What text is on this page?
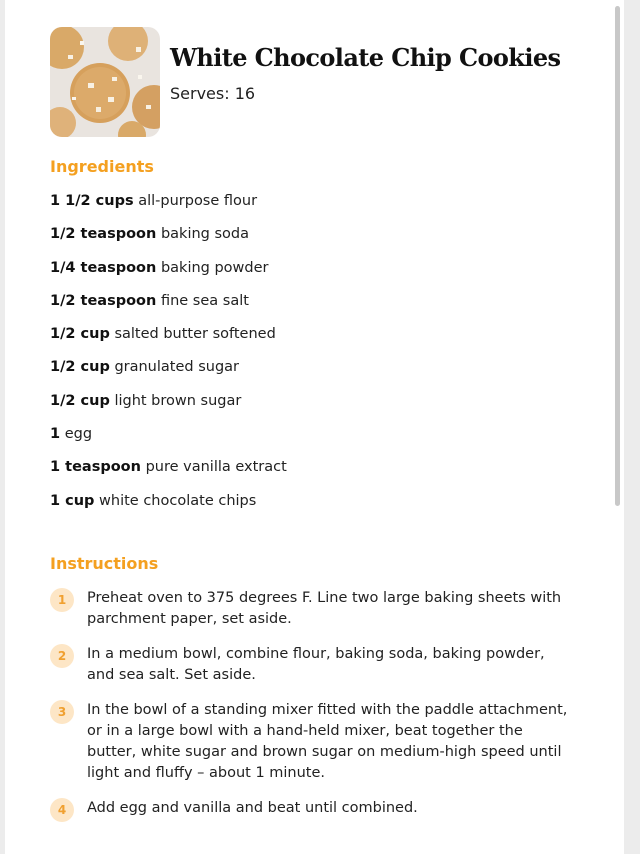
White Chocolate Chip Cookies
Serves: 16
Ingredients
1 1/2 cups all-purpose flour
1/2 teaspoon baking soda
1/4 teaspoon baking powder
1/2 teaspoon fine sea salt
1/2 cup salted butter softened
1/2 cup granulated sugar
1/2 cup light brown sugar
1 egg
1 teaspoon pure vanilla extract
1 cup white chocolate chips
Instructions
1	Preheat oven to 375 degrees F. Line two large baking sheets with parchment paper, set aside.
2	In a medium bowl, combine flour, baking soda, baking powder, and sea salt. Set aside.
3	In the bowl of a standing mixer fitted with the paddle attachment, or in a large bowl with a hand-held mixer, beat together the butter, white sugar and brown sugar on medium-high speed until light and fluffy – about 1 minute.
4	Add egg and vanilla and beat until combined.
